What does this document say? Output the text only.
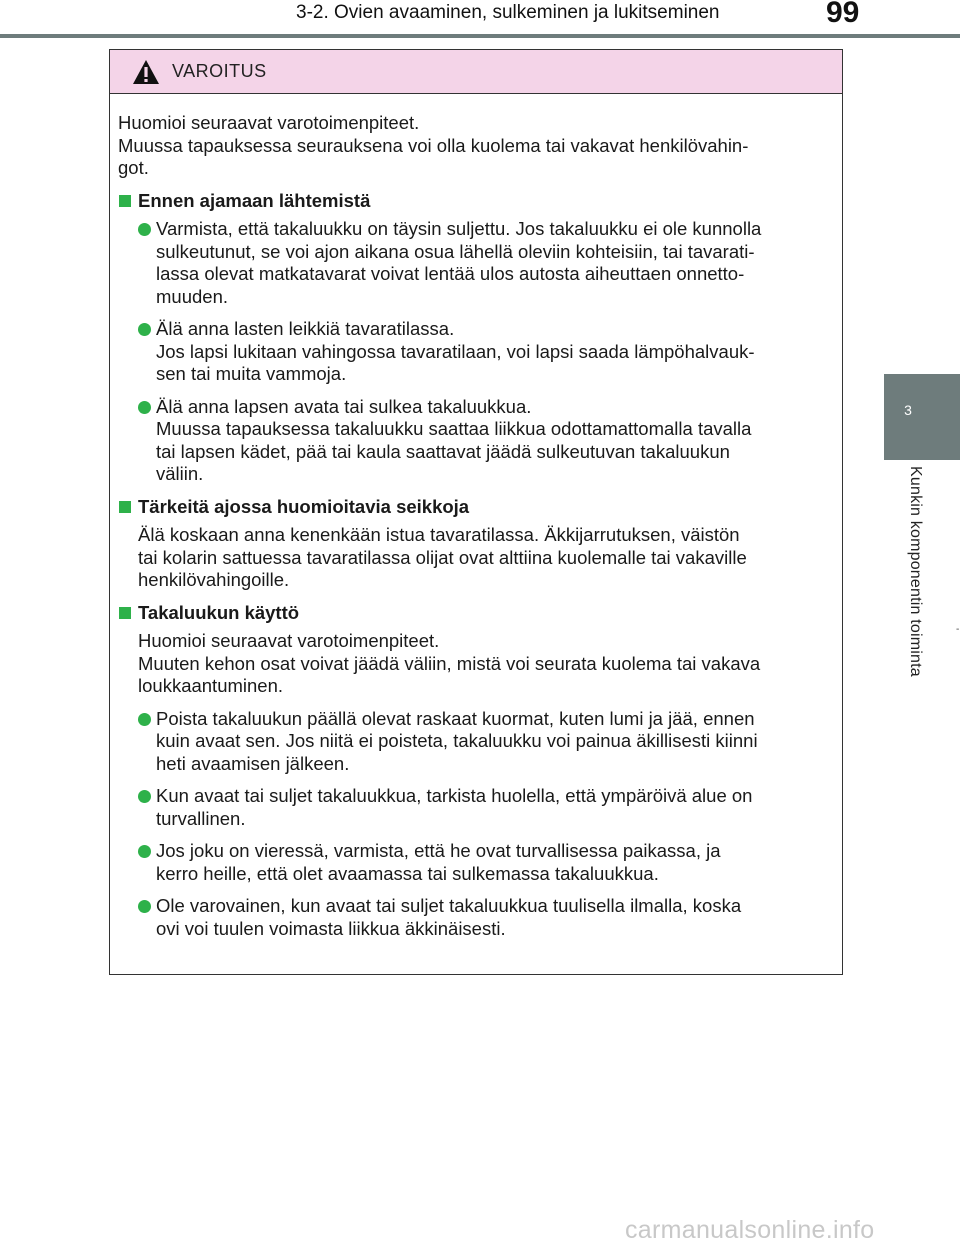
3-2. Ovien avaaminen, sulkeminen ja lukitseminen	99
3
Kunkin komponentin toiminta	-
VAROITUS
Huomioi seuraavat varotoimenpiteet.
Muussa tapauksessa seurauksena voi olla kuolema tai vakavat henkilövahin-
got.
Ennen ajamaan lähtemistä
Varmista, että takaluukku on täysin suljettu. Jos takaluukku ei ole kunnolla
sulkeutunut, se voi ajon aikana osua lähellä oleviin kohteisiin, tai tavarati-
lassa olevat matkatavarat voivat lentää ulos autosta aiheuttaen onnetto-
muuden.
Älä anna lasten leikkiä tavaratilassa.
Jos lapsi lukitaan vahingossa tavaratilaan, voi lapsi saada lämpöhalvauk-
sen tai muita vammoja.
Älä anna lapsen avata tai sulkea takaluukkua.
Muussa tapauksessa takaluukku saattaa liikkua odottamattomalla tavalla
tai lapsen kädet, pää tai kaula saattavat jäädä sulkeutuvan takaluukun
väliin.
Tärkeitä ajossa huomioitavia seikkoja
Älä koskaan anna kenenkään istua tavaratilassa. Äkkijarrutuksen, väistön
tai kolarin sattuessa tavaratilassa olijat ovat alttiina kuolemalle tai vakaville
henkilövahingoille.
Takaluukun käyttö
Huomioi seuraavat varotoimenpiteet.
Muuten kehon osat voivat jäädä väliin, mistä voi seurata kuolema tai vakava
loukkaantuminen.
Poista takaluukun päällä olevat raskaat kuormat, kuten lumi ja jää, ennen
kuin avaat sen. Jos niitä ei poisteta, takaluukku voi painua äkillisesti kiinni
heti avaamisen jälkeen.
Kun avaat tai suljet takaluukkua, tarkista huolella, että ympäröivä alue on
turvallinen.
Jos joku on vieressä, varmista, että he ovat turvallisessa paikassa, ja
kerro heille, että olet avaamassa tai sulkemassa takaluukkua.
Ole varovainen, kun avaat tai suljet takaluukkua tuulisella ilmalla, koska
ovi voi tuulen voimasta liikkua äkkinäisesti.
carmanualsonline.info
